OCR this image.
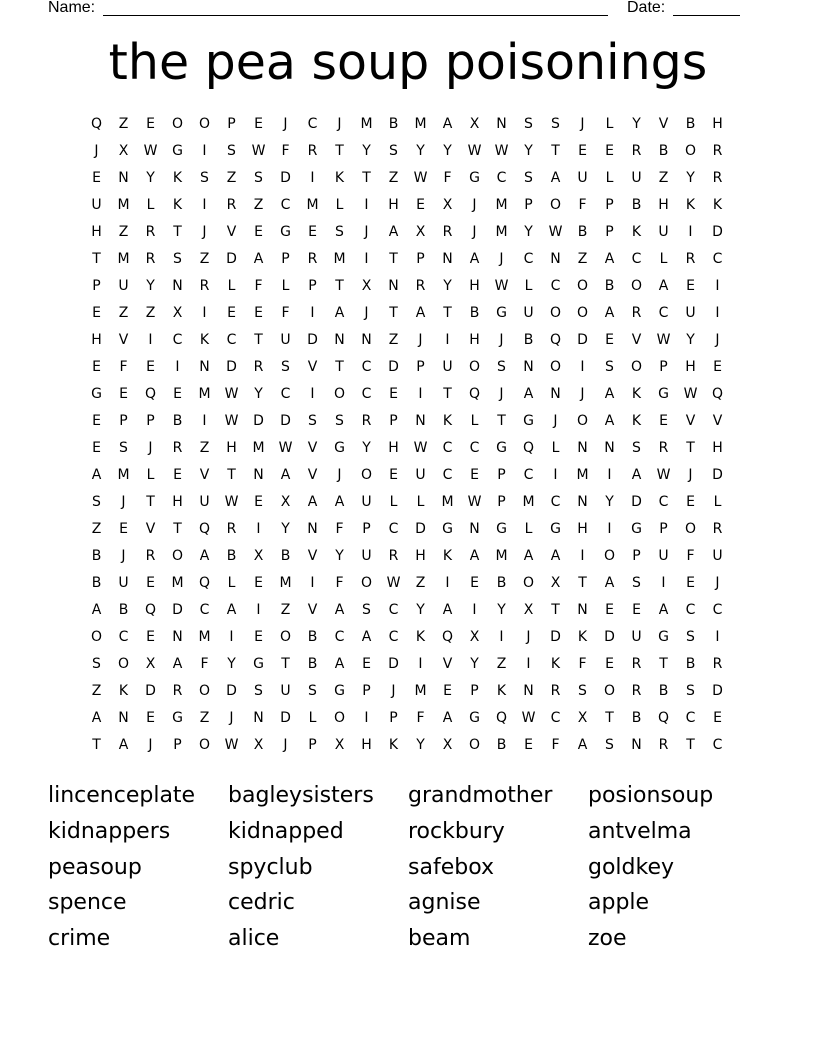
Name:	Date:
the pea soup poisonings
Q	Z	E	O	O	P	E	J	C	J	M	B	M	A	X	N	S	S	J	L	Y	V	B	H
J	X	W	G	I	S	W	F	R	T	Y	S	Y	Y	W W	Y	T	E	E	R	B	O	R
E	N	Y	K	S	Z	S	D	I	K	T	Z	W	F	G	C	S	A	U	L	U	Z	Y	R
U	M	L	K	I	R	Z	C	M	L	I	H	E	X	J	M	P	O	F	P	B	H	K	K
H	Z	R	T	J	V	E	G	E	S	J	A	X	R	J	M	Y	W	B	P	K	U	I	D
T	M	R	S	Z	D	A	P	R	M	I	T	P	N	A	J	C	N	Z	A	C	L	R	C
P	U	Y	N	R	L	F	L	P	T	X	N	R	Y	H	W	L	C	O	B	O	A	E	I
E	Z	Z	X	I	E	E	F	I	A	J	T	A	T	B	G	U	O	O	A	R	C	U	I
H	V	I	C	K	C	T	U	D	N	N	Z	J	I	H	J	B	Q	D	E	V	W	Y	J
E	F	E	I	N	D	R	S	V	T	C	D	P	U	O	S	N	O	I	S	O	P	H	E
G	E	Q	E	M	W	Y	C	I	O	C	E	I	T	Q	J	A	N	J	A	K	G	W	Q
E	P	P	B	I	W	D	D	S	S	R	P	N	K	L	T	G	J	O	A	K	E	V	V
E	S	J	R	Z	H	M	W	V	G	Y	H	W	C	C	G	Q	L	N	N	S	R	T	H
A	M	L	E	V	T	N	A	V	J	O	E	U	C	E	P	C	I	M	I	A	W	J	D
S	J	T	H	U	W	E	X	A	A	U	L	L	M	W	P	M	C	N	Y	D	C	E	L
Z	E	V	T	Q	R	I	Y	N	F	P	C	D	G	N	G	L	G	H	I	G	P	O	R
B	J	R	O	A	B	X	B	V	Y	U	R	H	K	A	M	A	A	I	O	P	U	F	U
B	U	E	M	Q	L	E	M	I	F	O	W	Z	I	E	B	O	X	T	A	S	I	E	J
A	B	Q	D	C	A	I	Z	V	A	S	C	Y	A	I	Y	X	T	N	E	E	A	C	C
O	C	E	N	M	I	E	O	B	C	A	C	K	Q	X	I	J	D	K	D	U	G	S	I
S	O	X	A	F	Y	G	T	B	A	E	D	I	V	Y	Z	I	K	F	E	R	T	B	R
Z	K	D	R	O	D	S	U	S	G	P	J	M	E	P	K	N	R	S	O	R	B	S	D
A	N	E	G	Z	J	N	D	L	O	I	P	F	A	G	Q	W	C	X	T	B	Q	C	E
T	A	J	P	O	W	X	J	P	X	H	K	Y	X	O	B	E	F	A	S	N	R	T	C
lincenceplate	bagleysisters	grandmother	posionsoup
kidnappers	kidnapped	rockbury	antvelma
peasoup	spyclub	safebox	goldkey
spence	cedric	agnise	apple
crime	alice	beam	zoe
